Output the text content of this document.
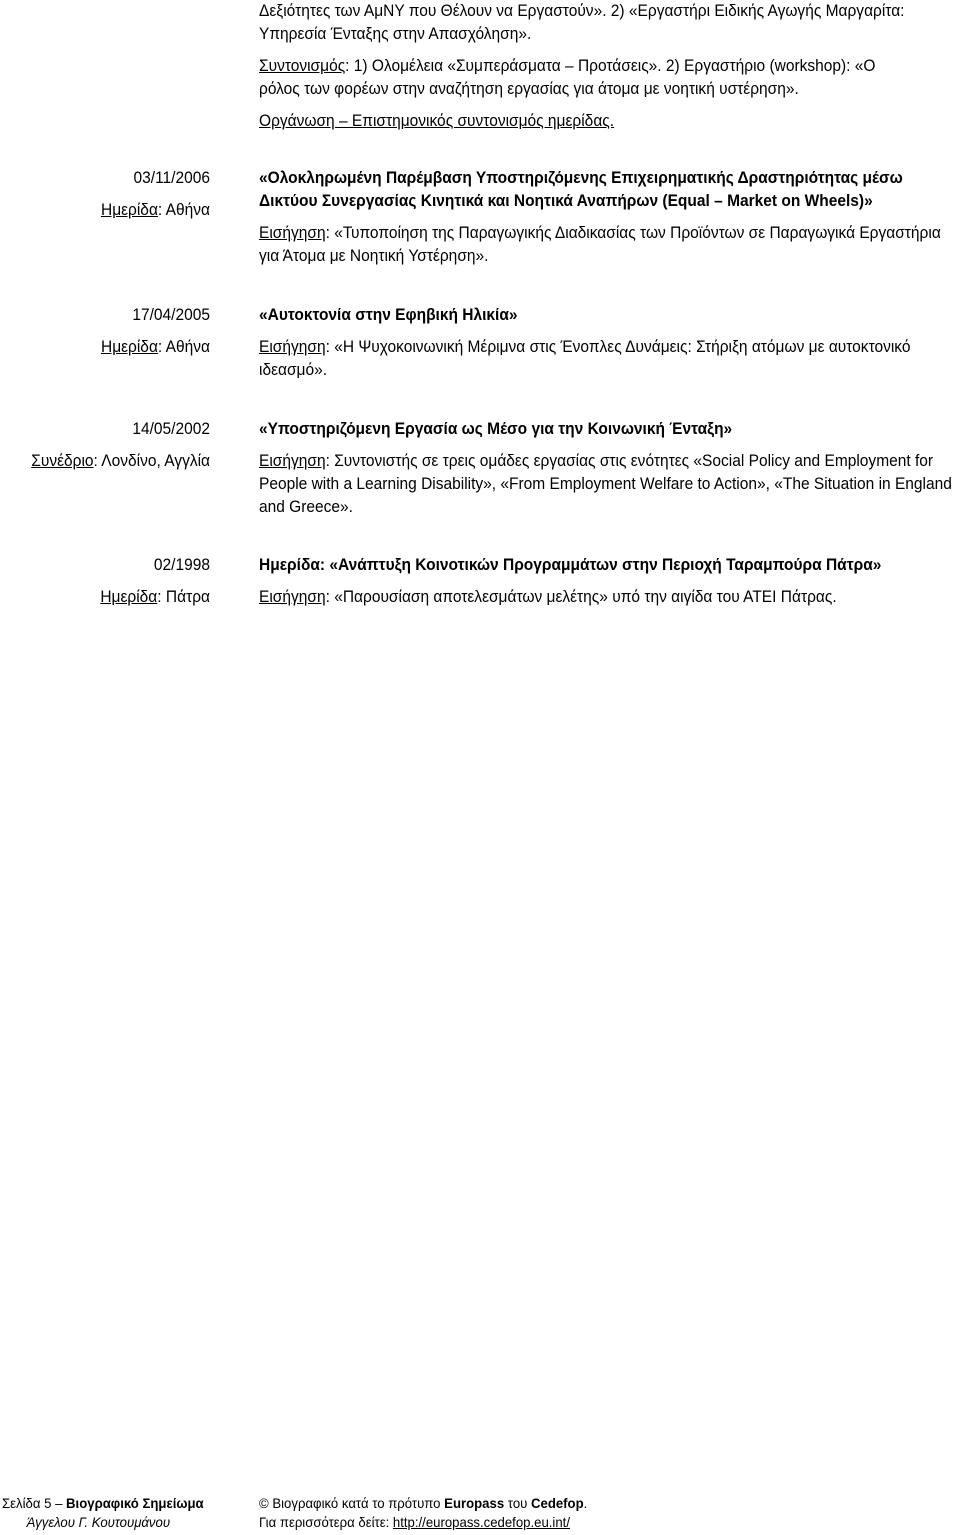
Δεξιότητες των ΑμΝΥ που Θέλουν να Εργαστούν». 2) «Εργαστήρι Ειδικής Αγωγής Μαργαρίτα:

Υπηρεσία Ένταξης στην Απασχόληση».

Συντονισμός: 1) Ολομέλεια «Συμπεράσματα – Προτάσεις». 2) Εργαστήριο (workshop): «Ο

ρόλος των φορέων στην αναζήτηση εργασίας για άτομα με νοητική υστέρηση».

Οργάνωση – Επιστημονικός συντονισμός ημερίδας.

03/11/2006

Ημερίδα: Αθήνα

«Ολοκληρωμένη Παρέμβαση Υποστηριζόμενης Επιχειρηματικής Δραστηριότητας μέσω Δικτύου Συνεργασίας Κινητικά και Νοητικά Αναπήρων (Equal – Market on Wheels)»

Εισήγηση: «Τυποποίηση της Παραγωγικής Διαδικασίας των Προϊόντων σε Παραγωγικά Εργαστήρια για Άτομα με Νοητική Υστέρηση».

17/04/2005

Ημερίδα: Αθήνα

«Αυτοκτονία στην Εφηβική Ηλικία»

Εισήγηση: «Η Ψυχοκοινωνική Μέριμνα στις Ένοπλες Δυνάμεις: Στήριξη ατόμων με αυτοκτονικό ιδεασμό».

14/05/2002

Συνέδριο: Λονδίνο, Αγγλία

«Υποστηριζόμενη Εργασία ως Μέσο για την Κοινωνική Ένταξη»

Εισήγηση: Συντονιστής σε τρεις ομάδες εργασίας στις ενότητες «Social Policy and Employment for People with a Learning Disability», «From Employment Welfare to Action», «The Situation in England and Greece».

02/1998

Ημερίδα: Πάτρα

Ημερίδα: «Ανάπτυξη Κοινοτικών Προγραμμάτων στην Περιοχή Ταραμπούρα Πάτρα»

Εισήγηση: «Παρουσίαση αποτελεσμάτων μελέτης» υπό την αιγίδα του ΑΤΕΙ Πάτρας.

Σελίδα 5 – Βιογραφικό Σημείωμα

Άγγελου Γ. Κουτουμάνου

© Βιογραφικό κατά το πρότυπο Europass του Cedefop.

Για περισσότερα δείτε: http://europass.cedefop.eu.int/
